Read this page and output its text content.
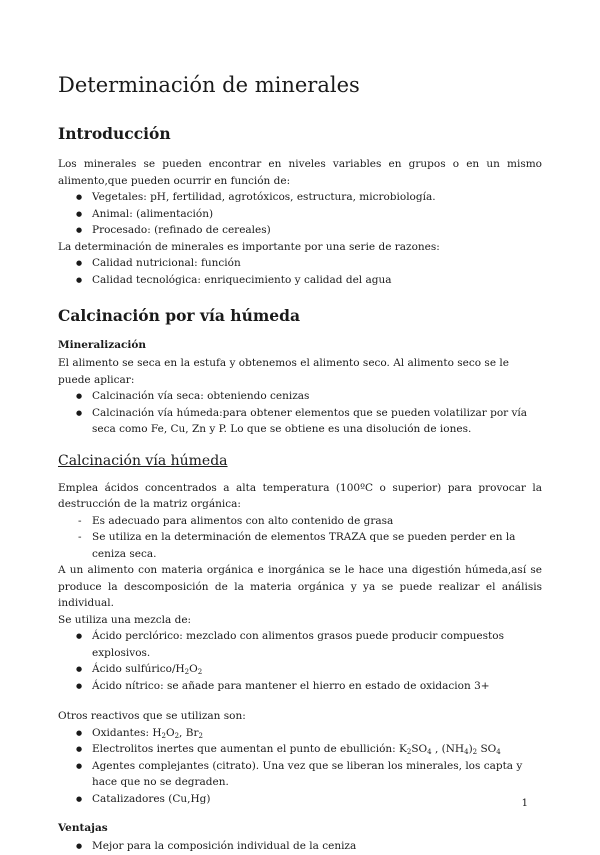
Determinación de minerales
Introducción

Los minerales se pueden encontrar en niveles variables en grupos o en un mismo alimento,que pueden ocurrir en función de:

● Vegetales: pH, fertilidad, agrotóxicos, estructura, microbiología.
● Animal: (alimentación)
● Procesado: (refinado de cereales)

La determinación de minerales es importante por una serie de razones:

● Calidad nutricional: función
● Calidad tecnológica: enriquecimiento y calidad del agua
Calcinación por vía húmeda
Mineralización

El alimento se seca en la estufa y obtenemos el alimento seco. Al alimento seco se le puede aplicar:

● Calcinación vía seca: obteniendo cenizas
● Calcinación vía húmeda:para obtener elementos que se pueden volatilizar por vía seca como Fe, Cu, Zn y P. Lo que se obtiene es una disolución de iones.
Calcinación vía húmeda

Emplea ácidos concentrados a alta temperatura (100ºC o superior) para provocar la destrucción de la matriz orgánica:

- Es adecuado para alimentos con alto contenido de grasa
- Se utiliza en la determinación de elementos TRAZA que se pueden perder en la ceniza seca.

A un alimento con materia orgánica e inorgánica se le hace una digestión húmeda,así se produce la descomposición de la materia orgánica y ya se puede realizar el análisis individual.

Se utiliza una mezcla de:

● Ácido perclórico: mezclado con alimentos grasos puede producir compuestos explosivos.
● Ácido sulfúrico/$H_2O_2$
● Ácido nítrico: se añade para mantener el hierro en estado de oxidacion 3+

Otros reactivos que se utilizan son:

● Oxidantes: $H_2O_2$, $Br_2$
● Electrolitos inertes que aumentan el punto de ebullición: $K_2SO_4$ , $(NH_4)_2$ $SO_4$
● Agentes complejantes (citrato). Una vez que se liberan los minerales, los capta y hace que no se degraden.
● Catalizadores (Cu,Hg)
Ventajas
● Mejor para la composición individual de la ceniza
1
